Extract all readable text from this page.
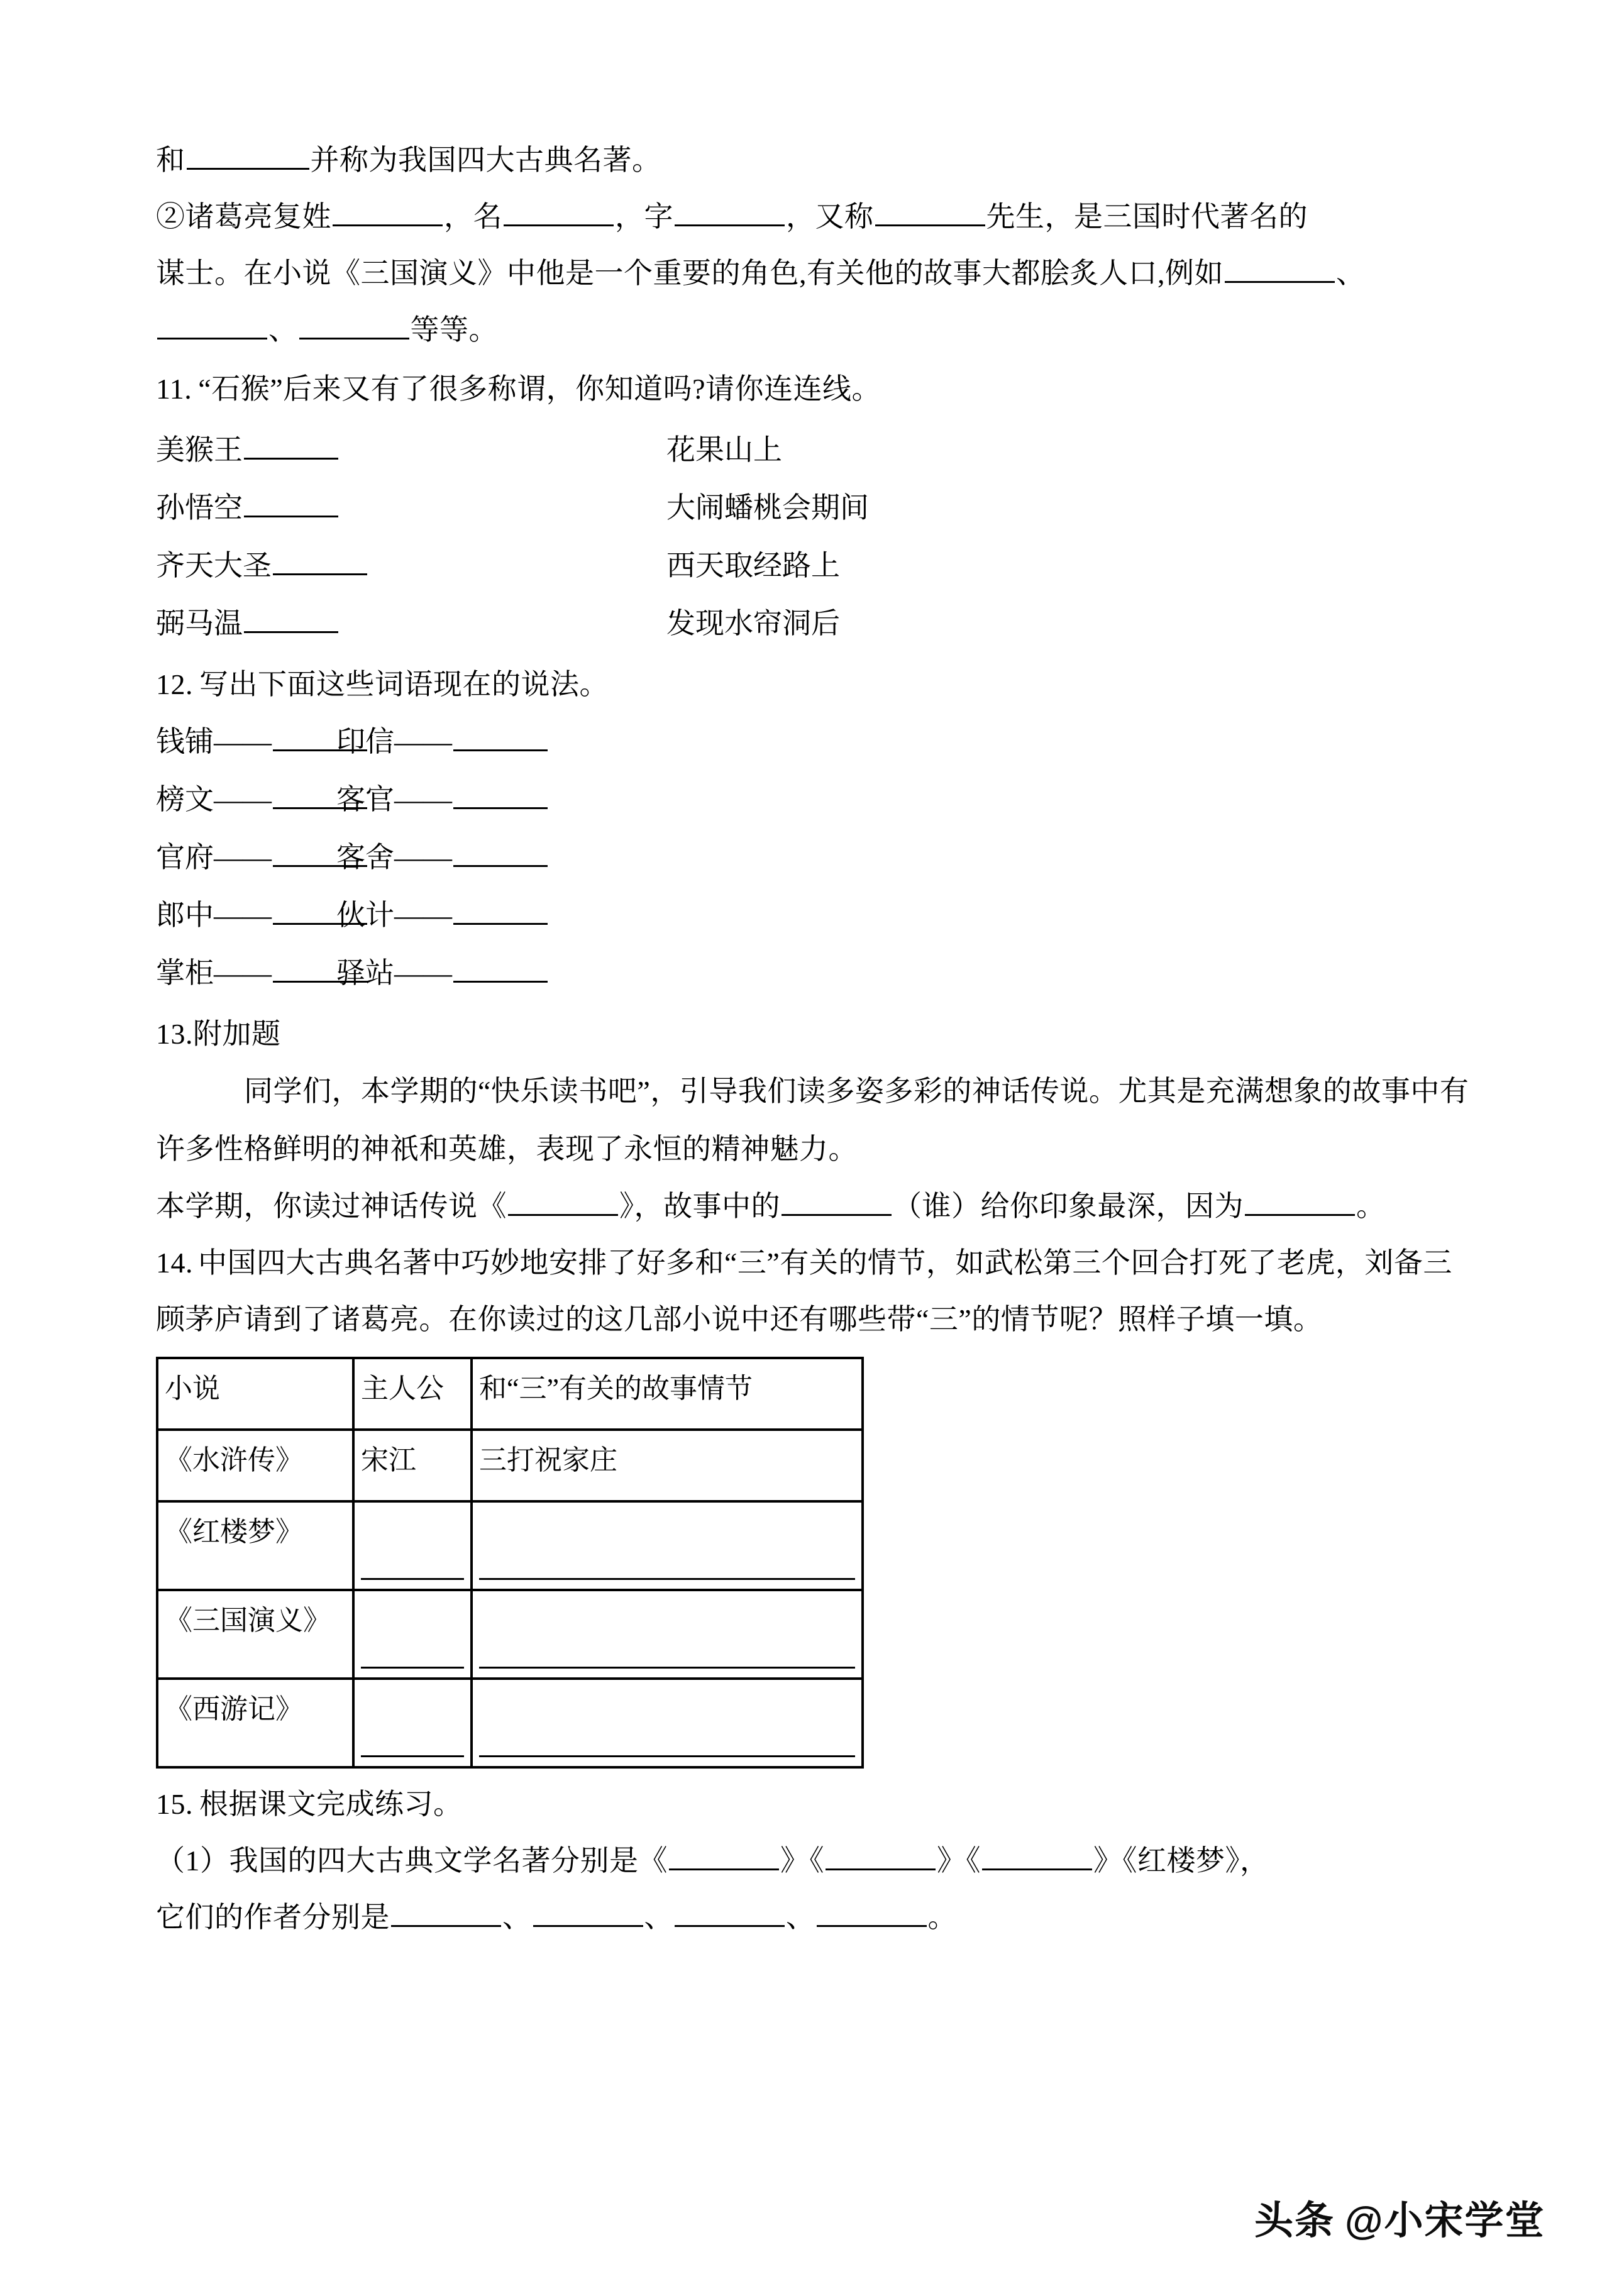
和	并称为我国四大古典名著。
②诸葛亮复姓	，名	，字	，又称	先生，是三国时代著名的
谋士。在小说《三国演义》中他是一个重要的角色,有关他的故事大都脍炙人口,例如	、
、	等等。
11. “石猴”后来又有了很多称谓，你知道吗?请你连连线。
美猴王	花果山上
孙悟空	大闹蟠桃会期间
齐天大圣	西天取经路上
弼马温	发现水帘洞后
12. 写出下面这些词语现在的说法。
钱铺——	印信——
榜文——	客官——
官府——	客舍——
郎中——	伙计——
掌柜——	驿站——
13.附加题
同学们，本学期的“快乐读书吧”，引导我们读多姿多彩的神话传说。尤其是充满想象的故事中有许多性格鲜明的神祇和英雄，表现了永恒的精神魅力。
本学期，你读过神话传说《	》，故事中的	（谁）给你印象最深，因为	。
14. 中国四大古典名著中巧妙地安排了好多和“三”有关的情节，如武松第三个回合打死了老虎，刘备三顾茅庐请到了诸葛亮。在你读过的这几部小说中还有哪些带“三”的情节呢？照样子填一填。
小说	主人公	和“三”有关的故事情节
《水浒传》	宋江	三打祝家庄
《红楼梦》	

《三国演义》	

《西游记》	

15. 根据课文完成练习。
（1）我国的四大古典文学名著分别是《	》《	》《	》《红楼梦》，
它们的作者分别是	、	、	、	。
头条 @小宋学堂
